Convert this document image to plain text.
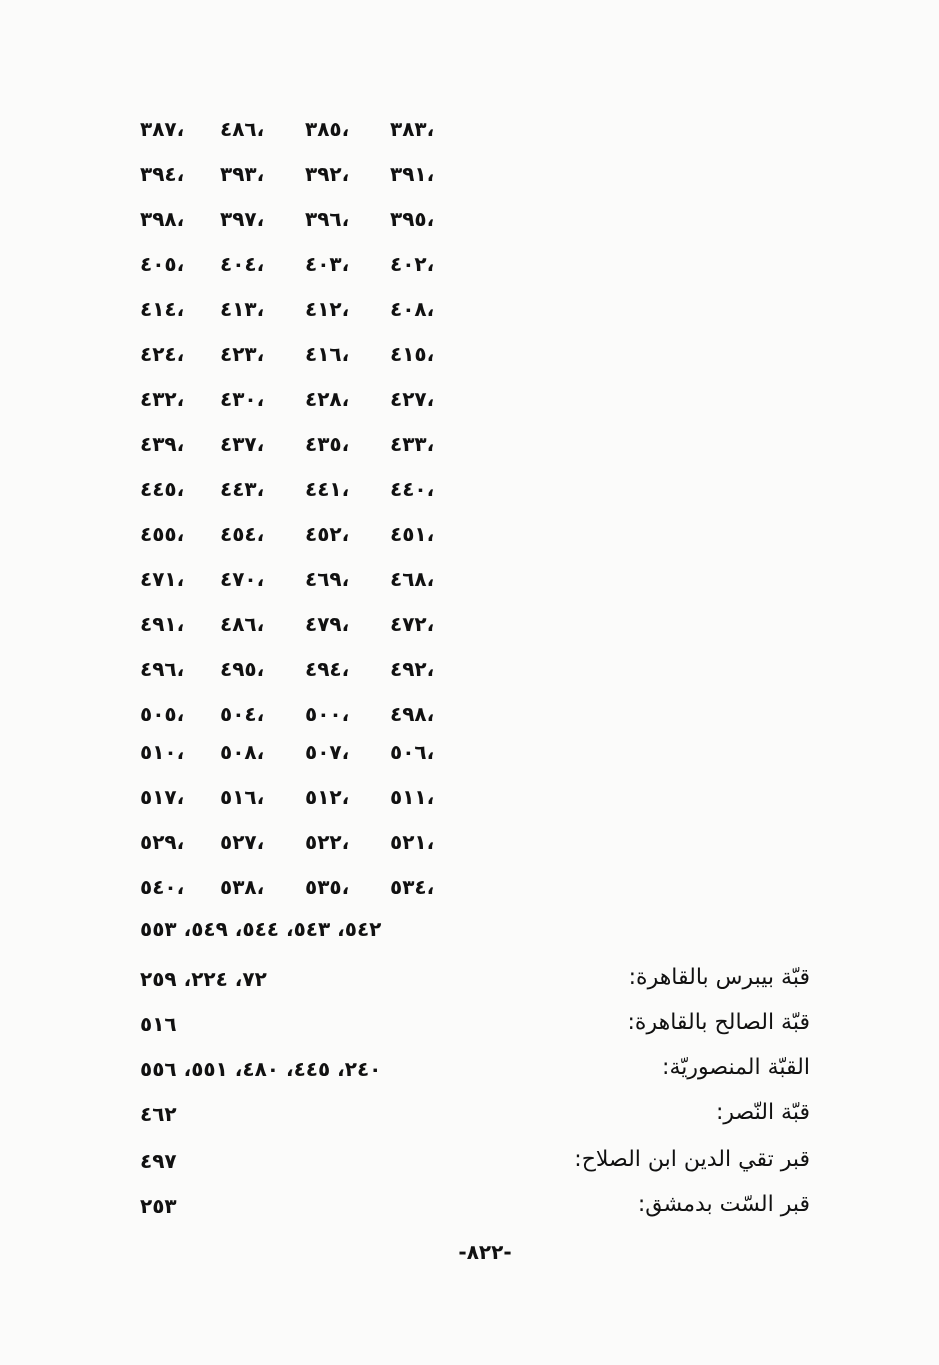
٣٨٣،
٣٨٥،
٤٨٦،
٣٨٧،
٣٩١،
٣٩٢،
٣٩٣،
٣٩٤،
٣٩٥،
٣٩٦،
٣٩٧،
٣٩٨،
٤٠٢،
٤٠٣،
٤٠٤،
٤٠٥،
٤٠٨،
٤١٢،
٤١٣،
٤١٤،
٤١٥،
٤١٦،
٤٢٣،
٤٢٤،
٤٢٧،
٤٢٨،
٤٣٠،
٤٣٢،
٤٣٣،
٤٣٥،
٤٣٧،
٤٣٩،
٤٤٠،
٤٤١،
٤٤٣،
٤٤٥،
٤٥١،
٤٥٢،
٤٥٤،
٤٥٥،
٤٦٨،
٤٦٩،
٤٧٠،
٤٧١،
٤٧٢،
٤٧٩،
٤٨٦،
٤٩١،
٤٩٢،
٤٩٤،
٤٩٥،
٤٩٦،
٤٩٨،
٥٠٠،
٥٠٤،
٥٠٥،
٥٠٦،
٥٠٧،
٥٠٨،
٥١٠،
٥١١،
٥١٢،
٥١٦،
٥١٧،
٥٢١،
٥٢٢،
٥٢٧،
٥٢٩،
٥٣٤،
٥٣٥،
٥٣٨،
٥٤٠،
٥٤٢، ٥٤٣، ٥٤٤، ٥٤٩، ٥٥٣
قبّة بيبرس بالقاهرة:
٧٢، ٢٢٤، ٢٥٩
قبّة الصالح بالقاهرة:
٥١٦
القبّة المنصوريّة:
٢٤٠، ٤٤٥، ٤٨٠، ٥٥١، ٥٥٦
قبّة النّصر:
٤٦٢
قبر تقي الدين ابن الصلاح:
٤٩٧
قبر السّت بدمشق:
٢٥٣
-٨٢٢-
